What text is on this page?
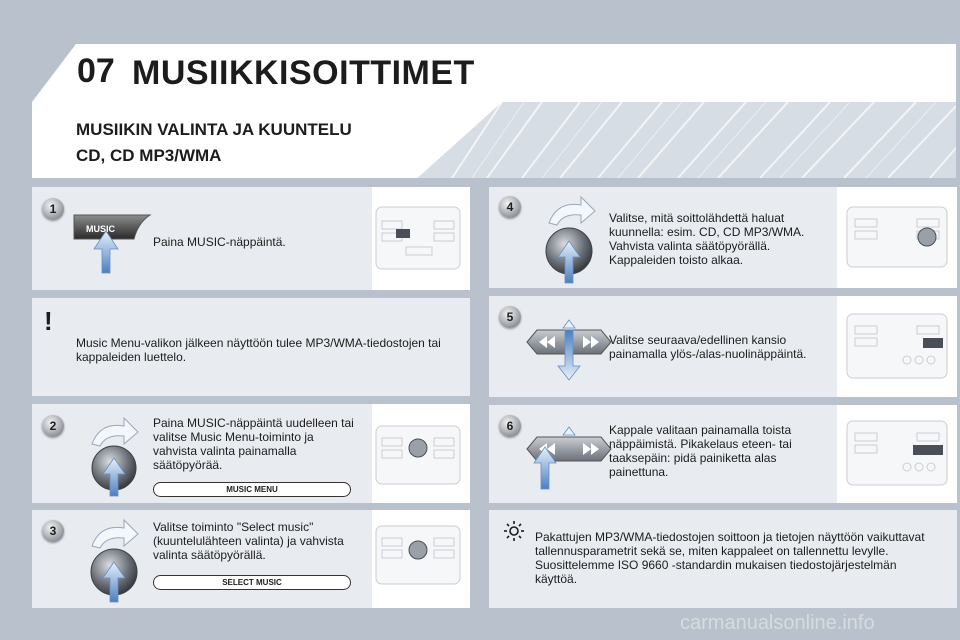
07 MUSIIKKISOITTIMET
MUSIIKIN VALINTA JA KUUNTELU
CD, CD MP3/WMA
1
MUSIC
Paina MUSIC-näppäintä.
!
Music Menu-valikon jälkeen näyttöön tulee MP3/WMA-tiedostojen tai kappaleiden luettelo.
2	Paina MUSIC-näppäintä uudelleen tai valitse Music Menu-toiminto ja vahvista valinta painamalla säätöpyörää.
MUSIC MENU
3	Valitse toiminto "Select music" (kuuntelulähteen valinta) ja vahvista valinta säätöpyörällä.
SELECT MUSIC
4
Valitse, mitä soittolähdettä haluat kuunnella: esim. CD, CD MP3/WMA. Vahvista valinta säätöpyörällä. Kappaleiden toisto alkaa.
5
Valitse seuraava/edellinen kansio painamalla ylös-/alas-nuolinäppäintä.
6	Kappale valitaan painamalla toista näppäimistä. Pikakelaus eteen- tai taaksepäin: pidä painiketta alas painettuna.
Pakattujen MP3/WMA-tiedostojen soittoon ja tietojen näyttöön vaikuttavat tallennusparametrit sekä se, miten kappaleet on tallennettu levylle. Suosittelemme ISO 9660 -standardin mukaisen tiedostojärjestelmän käyttöä.
carmanualsonline.info
